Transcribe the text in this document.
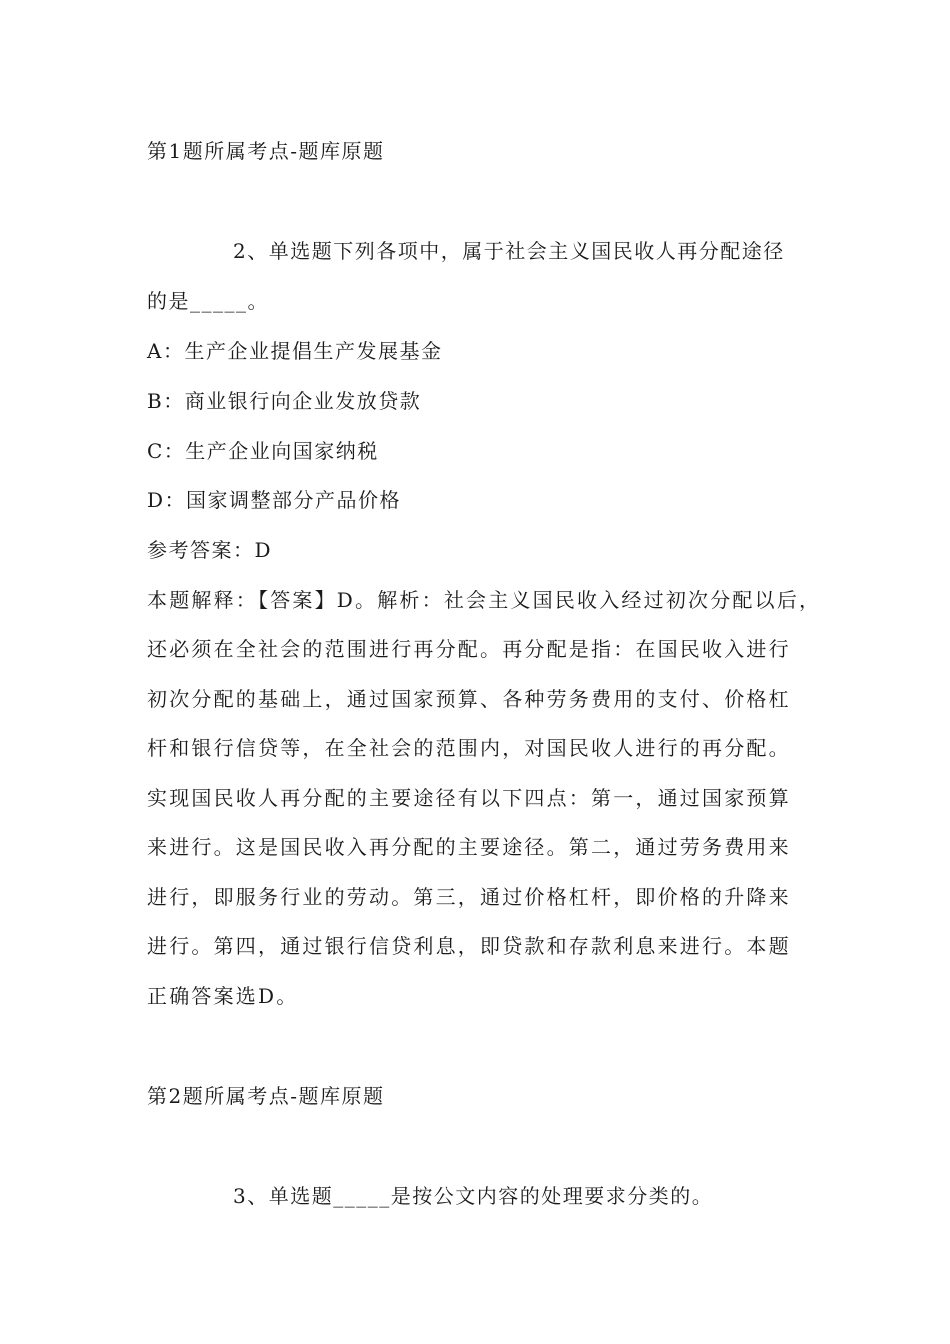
第1题所属考点-题库原题
2、单选题下列各项中，属于社会主义国民收人再分配途径
的是_____。
A：生产企业提倡生产发展基金
B：商业银行向企业发放贷款
C：生产企业向国家纳税
D：国家调整部分产品价格
参考答案：D
本题解释：【答案】D。解析：社会主义国民收入经过初次分配以后，
还必须在全社会的范围进行再分配。再分配是指：在国民收入进行
初次分配的基础上，通过国家预算、各种劳务费用的支付、价格杠
杆和银行信贷等，在全社会的范围内，对国民收人进行的再分配。
实现国民收人再分配的主要途径有以下四点：第一，通过国家预算
来进行。这是国民收入再分配的主要途径。第二，通过劳务费用来
进行，即服务行业的劳动。第三，通过价格杠杆，即价格的升降来
进行。第四，通过银行信贷利息，即贷款和存款利息来进行。本题
正确答案选D。
第2题所属考点-题库原题
3、单选题_____是按公文内容的处理要求分类的。
